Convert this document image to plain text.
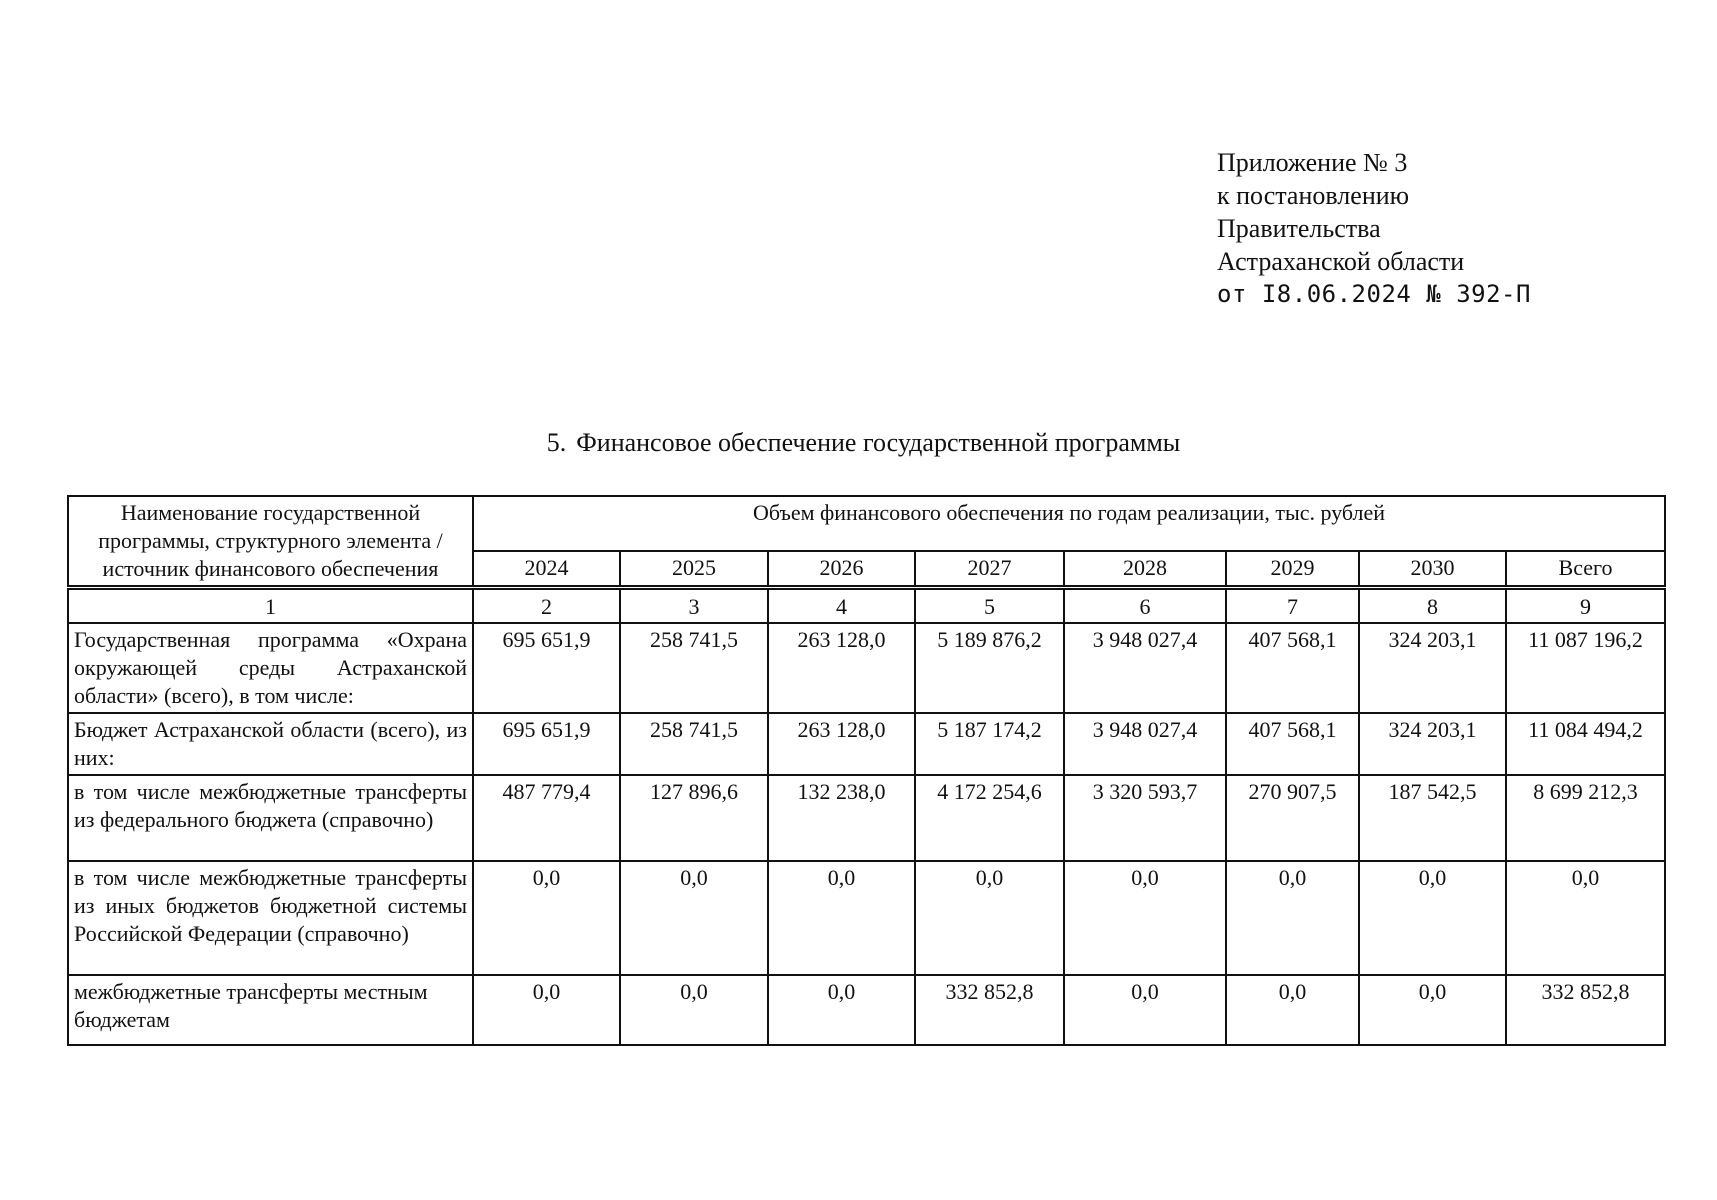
Приложение № 3
к постановлению
Правительства
Астраханской области
от I8.06.2024 № 392-П
5. Финансовое обеспечение государственной программы
Наименование государственной программы, структурного элемента / источник финансового обеспечения	Объем финансового обеспечения по годам реализации, тыс. рублей							
	2024	2025	2026	2027	2028	2029	2030	Всего
1	2	3	4	5	6	7	8	9
Государственная программа «Охрана окружающей среды Астраханской области» (всего), в том числе:	695 651,9	258 741,5	263 128,0	5 189 876,2	3 948 027,4	407 568,1	324 203,1	11 087 196,2
Бюджет Астраханской области (всего), из них:	695 651,9	258 741,5	263 128,0	5 187 174,2	3 948 027,4	407 568,1	324 203,1	11 084 494,2
в том числе межбюджетные трансферты из федерального бюджета (справочно)	487 779,4	127 896,6	132 238,0	4 172 254,6	3 320 593,7	270 907,5	187 542,5	8 699 212,3
в том числе межбюджетные трансферты из иных бюджетов бюджетной системы Российской Федерации (справочно)	0,0	0,0	0,0	0,0	0,0	0,0	0,0	0,0
межбюджетные трансферты местным бюджетам	0,0	0,0	0,0	332 852,8	0,0	0,0	0,0	332 852,8
